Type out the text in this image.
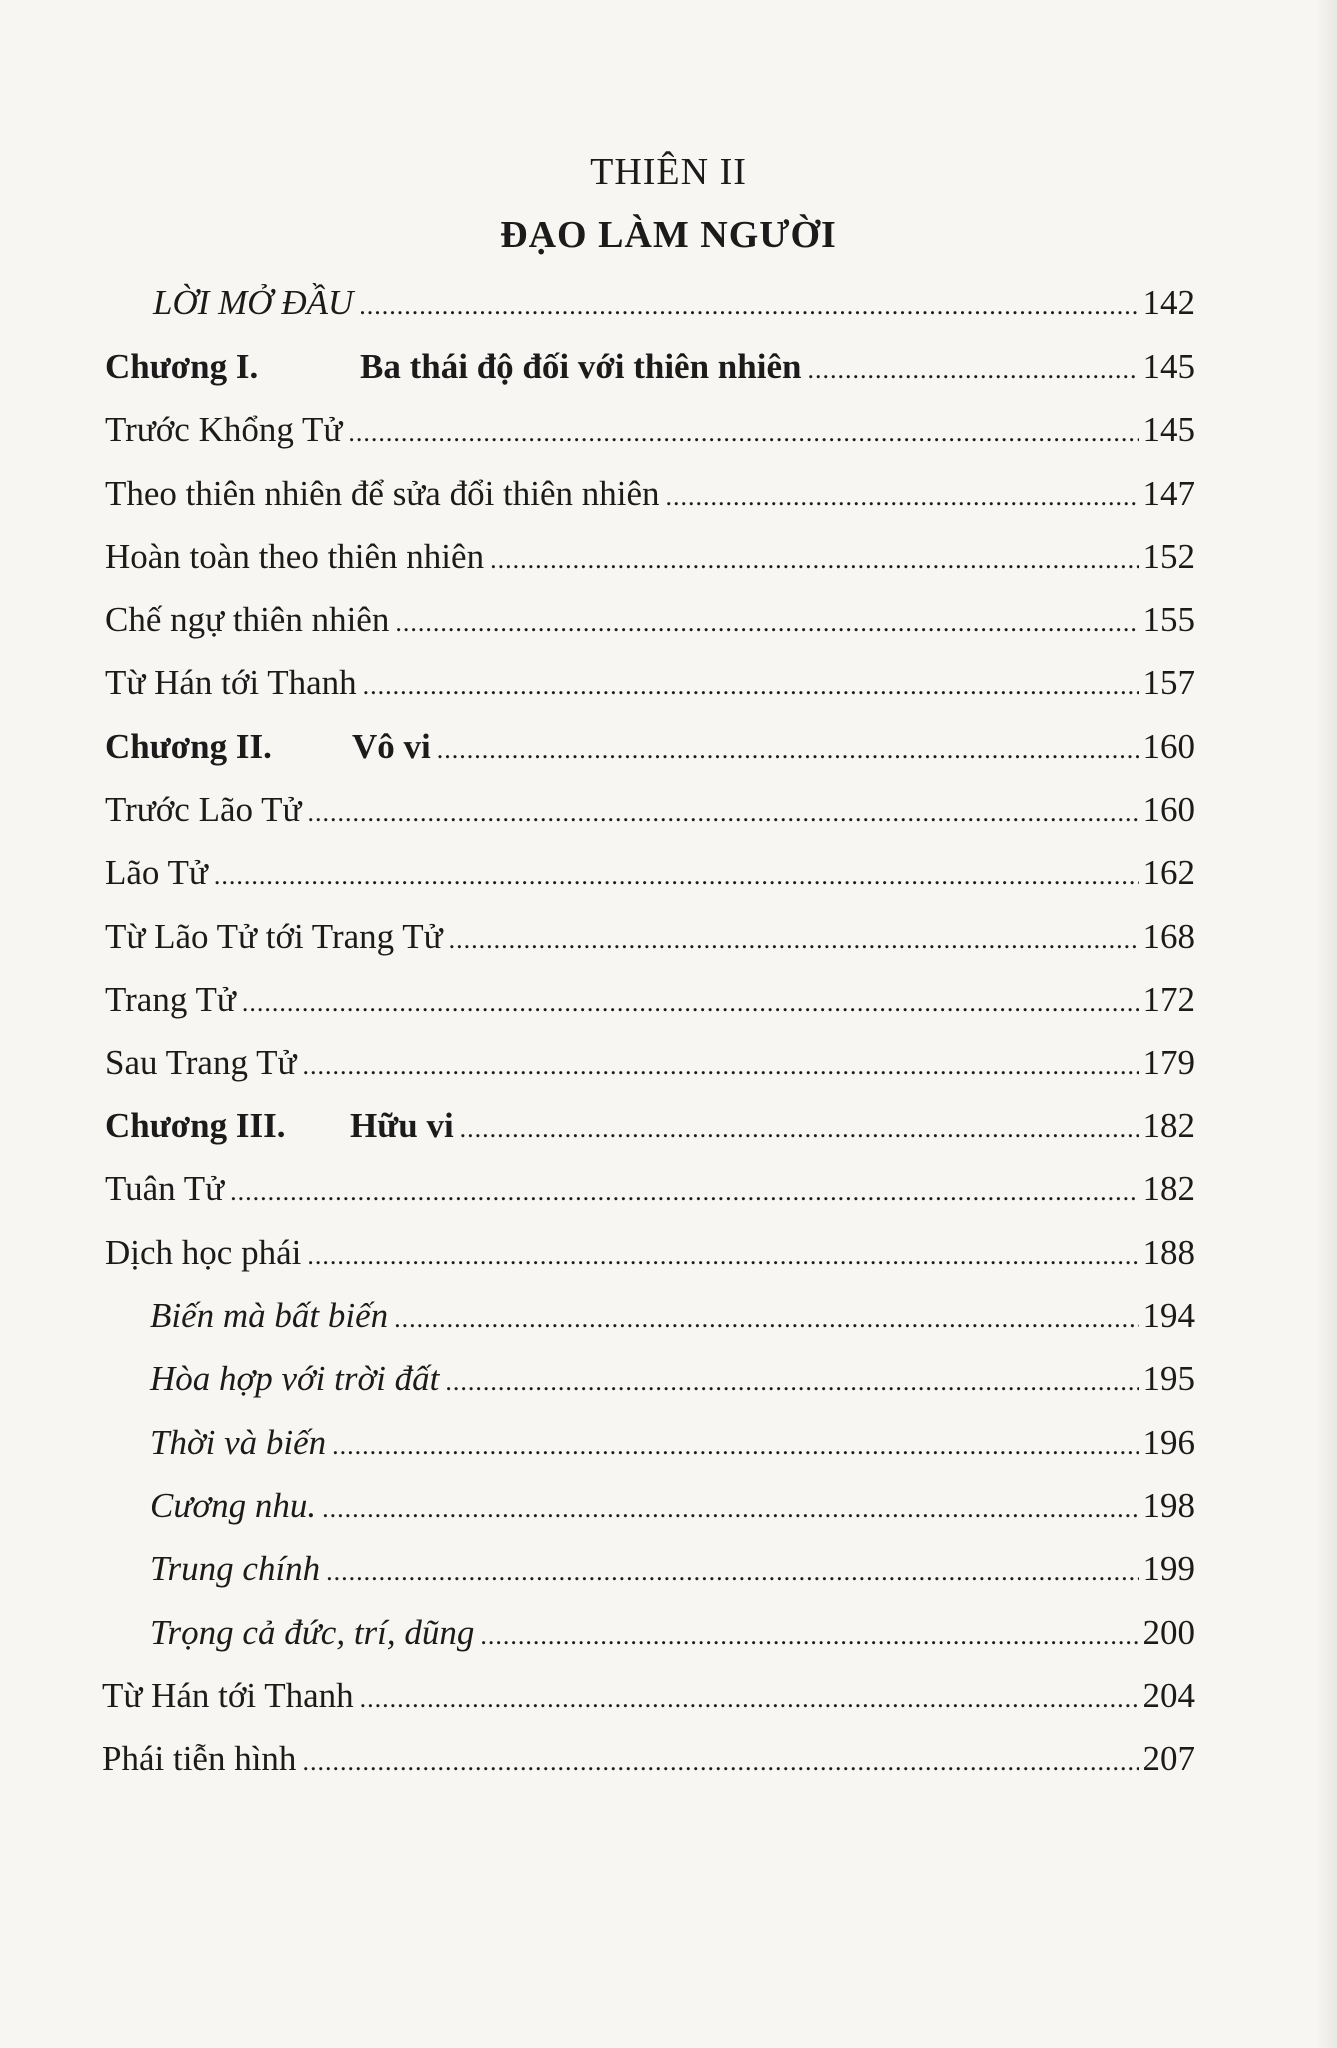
THIÊN II
ĐẠO LÀM NGƯỜI
LỜI MỞ ĐẦU .....	142
Chương I.	Ba thái độ đối với thiên nhiên .....	145
Trước Khổng Tử .....	145
Theo thiên nhiên để sửa đổi thiên nhiên .....	147
Hoàn toàn theo thiên nhiên .....	152
Chế ngự thiên nhiên .....	155
Từ Hán tới Thanh .....	157
Chương II.	Vô vi .....	160
Trước Lão Tử .....	160
Lão Tử .....	162
Từ Lão Tử tới Trang Tử .....	168
Trang Tử .....	172
Sau Trang Tử .....	179
Chương III.	Hữu vi .....	182
Tuân Tử .....	182
Dịch học phái .....	188
Biến mà bất biến .....	194
Hòa hợp với trời đất .....	195
Thời và biến .....	196
Cương nhu. .....	198
Trung chính .....	199
Trọng cả đức, trí, dũng .....	200
Từ Hán tới Thanh .....	204
Phái tiễn hình .....	207
